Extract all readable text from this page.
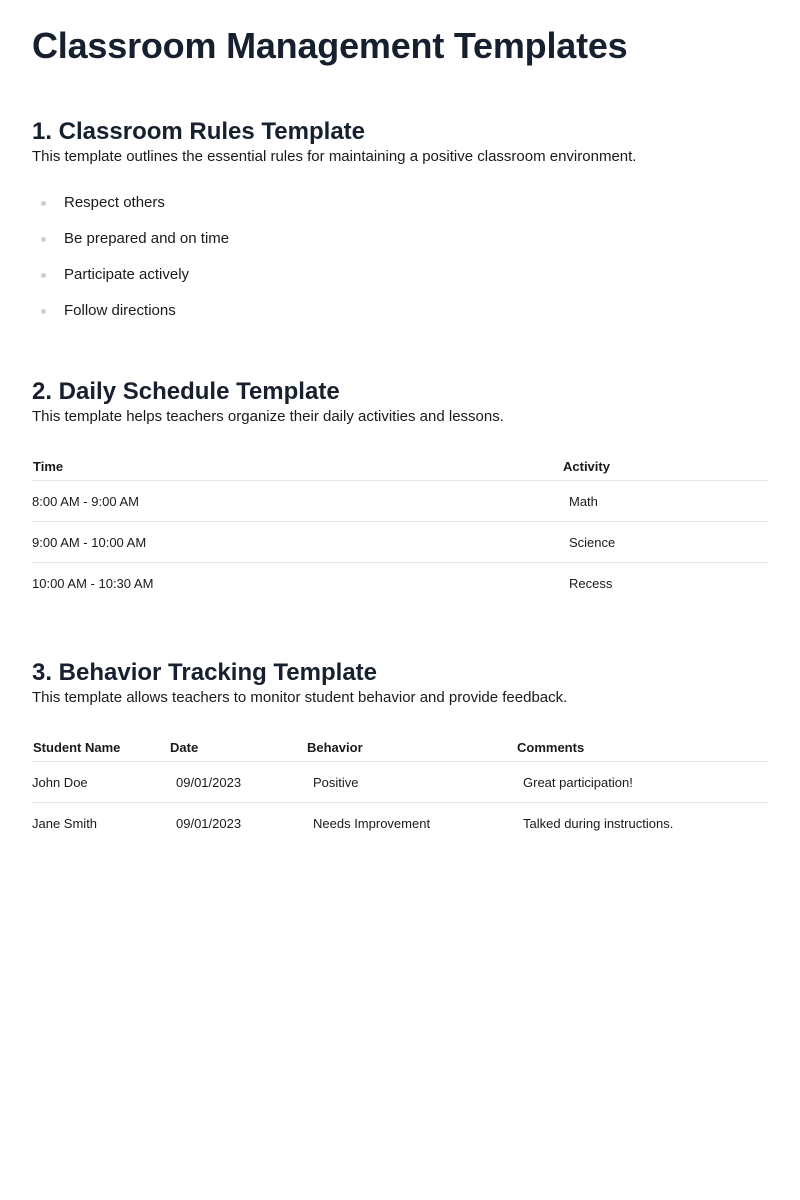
Classroom Management Templates
1. Classroom Rules Template

This template outlines the essential rules for maintaining a positive classroom environment.

Respect others
Be prepared and on time
Participate actively
Follow directions
2. Daily Schedule Template

This template helps teachers organize their daily activities and lessons.

Time	Activity
8:00 AM - 9:00 AM	Math
9:00 AM - 10:00 AM	Science
10:00 AM - 10:30 AM	Recess
3. Behavior Tracking Template

This template allows teachers to monitor student behavior and provide feedback.

Student Name	Date	Behavior	Comments
John Doe	09/01/2023	Positive	Great participation!
Jane Smith	09/01/2023	Needs Improvement	Talked during instructions.
